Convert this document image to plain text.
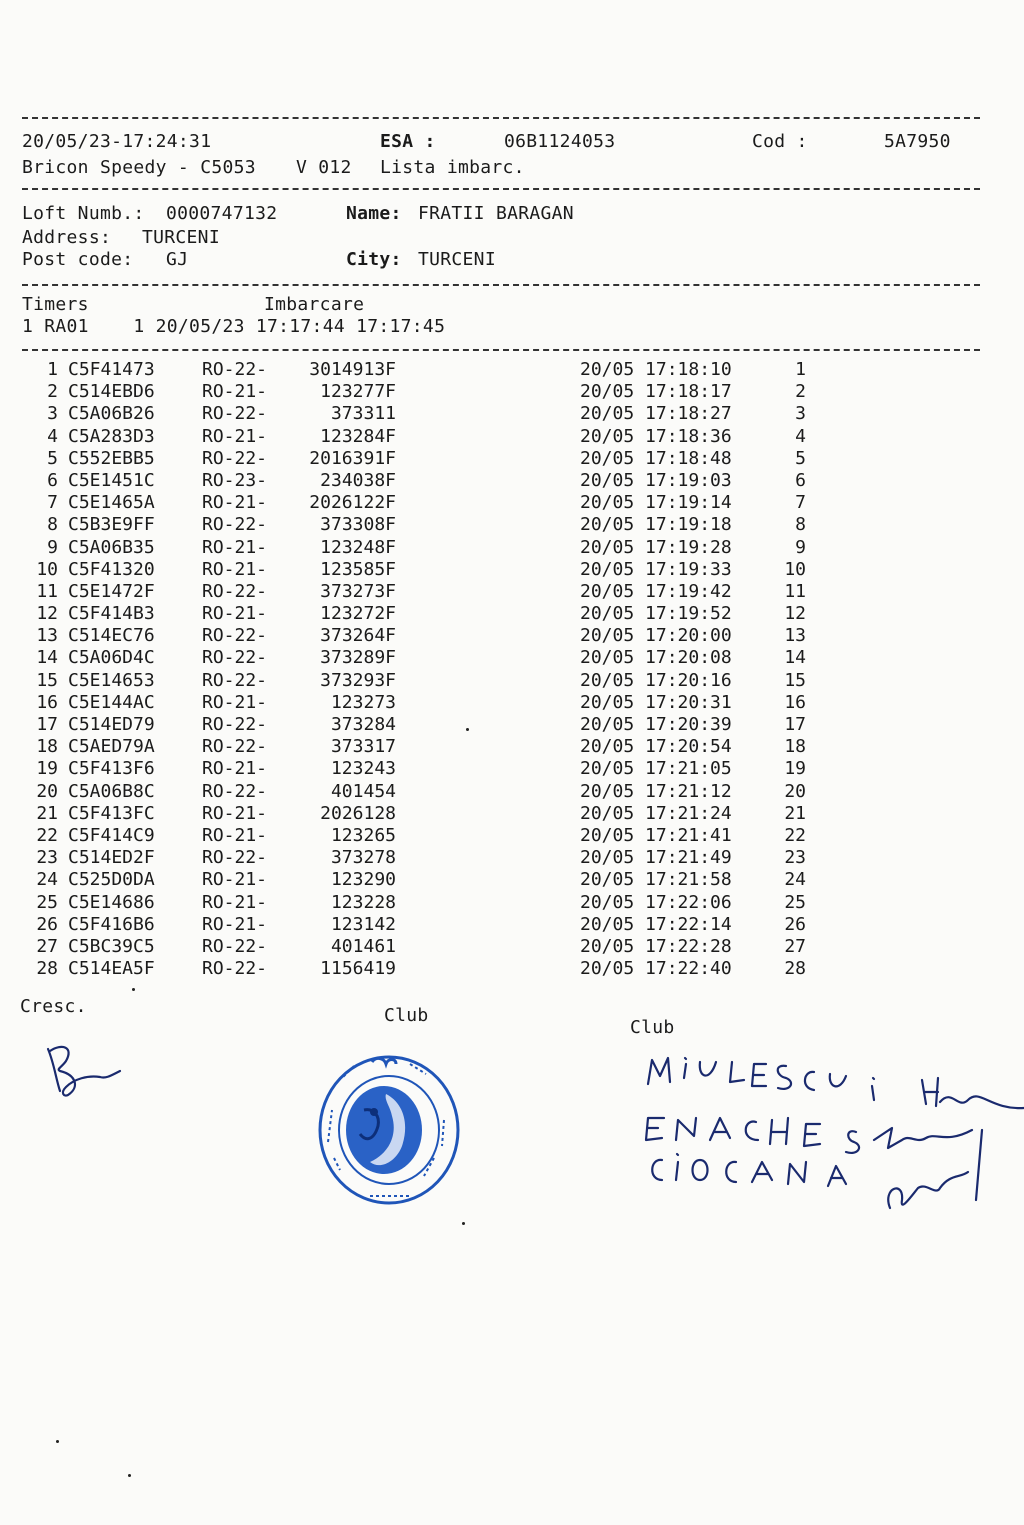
20/05/23-17:24:31	ESA :	06B1124053	Cod :	5A7950
Bricon Speedy - C5053 V 012 Lista imbarc.
Loft Numb.: 0000747132	Name: FRATII BARAGAN
Address: TURCENI
Post code: GJ	City: TURCENI
Timers	Imbarcare
1 RA01    1 20/05/23 17:17:44 17:17:45
1 C5F41473	RO-22-	3014913F	20/05 17:18:10	1
2 C514EBD6	RO-21-	123277F	20/05 17:18:17	2
3 C5A06B26	RO-22-	373311	20/05 17:18:27	3
4 C5A283D3	RO-21-	123284F	20/05 17:18:36	4
5 C552EBB5	RO-22-	2016391F	20/05 17:18:48	5
6 C5E1451C	RO-23-	234038F	20/05 17:19:03	6
7 C5E1465A	RO-21-	2026122F	20/05 17:19:14	7
8 C5B3E9FF	RO-22-	373308F	20/05 17:19:18	8
9 C5A06B35	RO-21-	123248F	20/05 17:19:28	9
10 C5F41320	RO-21-	123585F	20/05 17:19:33	10
11 C5E1472F	RO-22-	373273F	20/05 17:19:42	11
12 C5F414B3	RO-21-	123272F	20/05 17:19:52	12
13 C514EC76	RO-22-	373264F	20/05 17:20:00	13
14 C5A06D4C	RO-22-	373289F	20/05 17:20:08	14
15 C5E14653	RO-22-	373293F	20/05 17:20:16	15
16 C5E144AC	RO-21-	123273	20/05 17:20:31	16
17 C514ED79	RO-22-	373284	20/05 17:20:39	17
18 C5AED79A	RO-22-	373317	20/05 17:20:54	18
19 C5F413F6	RO-21-	123243	20/05 17:21:05	19
20 C5A06B8C	RO-22-	401454	20/05 17:21:12	20
21 C5F413FC	RO-21-	2026128	20/05 17:21:24	21
22 C5F414C9	RO-21-	123265	20/05 17:21:41	22
23 C514ED2F	RO-22-	373278	20/05 17:21:49	23
24 C525D0DA	RO-21-	123290	20/05 17:21:58	24
25 C5E14686	RO-21-	123228	20/05 17:22:06	25
26 C5F416B6	RO-21-	123142	20/05 17:22:14	26
27 C5BC39C5	RO-22-	401461	20/05 17:22:28	27
28 C514EA5F	RO-22-	1156419	20/05 17:22:40	28
Cresc.	Club
Club
